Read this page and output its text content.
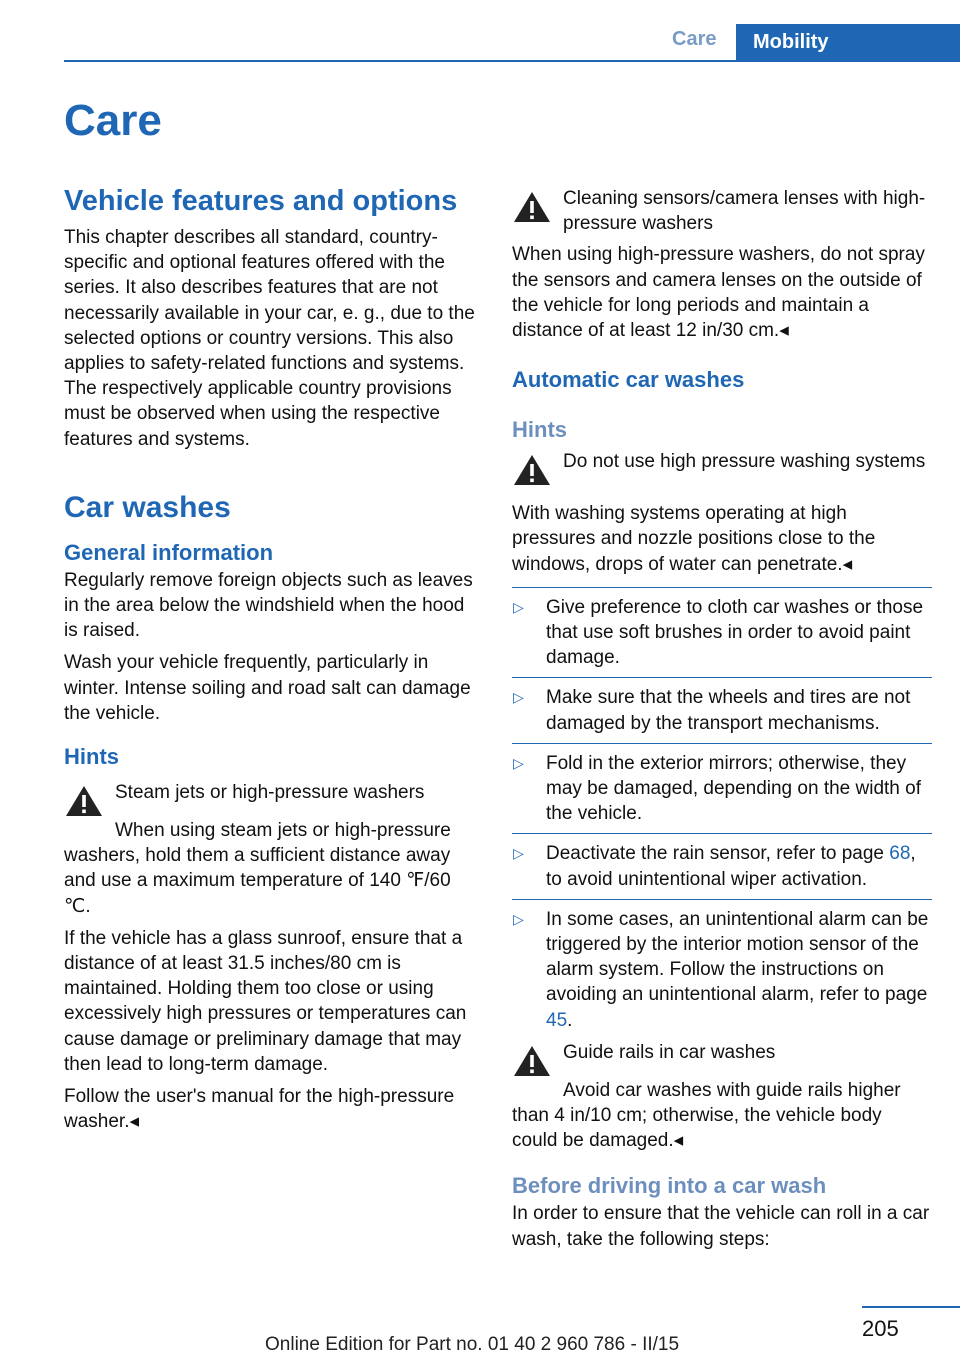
Care	Mobility
Care
Vehicle features and options

This chapter describes all standard, country-specific and optional features offered with the series. It also describes features that are not necessarily available in your car, e. g., due to the selected options or country versions. This also applies to safety-related functions and systems. The respectively applicable country provisions must be observed when using the respective features and systems.

Car washes
General information

Regularly remove foreign objects such as leaves in the area below the windshield when the hood is raised.

Wash your vehicle frequently, particularly in winter. Intense soiling and road salt can damage the vehicle.

Hints
Steam jets or high-pressure washers

When using steam jets or high-pressure washers, hold them a sufficient distance away and use a maximum temperature of 140 ℉/60 ℃.

If the vehicle has a glass sunroof, ensure that a distance of at least 31.5 inches/80 cm is maintained. Holding them too close or using excessively high pressures or temperatures can cause damage or preliminary damage that may then lead to long-term damage.

Follow the user's manual for the high-pressure washer.◂

Cleaning sensors/camera lenses with high-pressure washers

When using high-pressure washers, do not spray the sensors and camera lenses on the outside of the vehicle for long periods and maintain a distance of at least 12 in/30 cm.◂

Automatic car washes
Hints
Do not use high pressure washing systems

With washing systems operating at high pressures and nozzle positions close to the windows, drops of water can penetrate.◂

▷ Give preference to cloth car washes or those that use soft brushes in order to avoid paint damage.
▷ Make sure that the wheels and tires are not damaged by the transport mechanisms.
▷ Fold in the exterior mirrors; otherwise, they may be damaged, depending on the width of the vehicle.
▷ Deactivate the rain sensor, refer to page 68, to avoid unintentional wiper activation.
▷ In some cases, an unintentional alarm can be triggered by the interior motion sensor of the alarm system. Follow the instructions on avoiding an unintentional alarm, refer to page 45.
Guide rails in car washes

Avoid car washes with guide rails higher than 4 in/10 cm; otherwise, the vehicle body could be damaged.◂

Before driving into a car wash

In order to ensure that the vehicle can roll in a car wash, take the following steps:

205
Online Edition for Part no. 01 40 2 960 786 - II/15
